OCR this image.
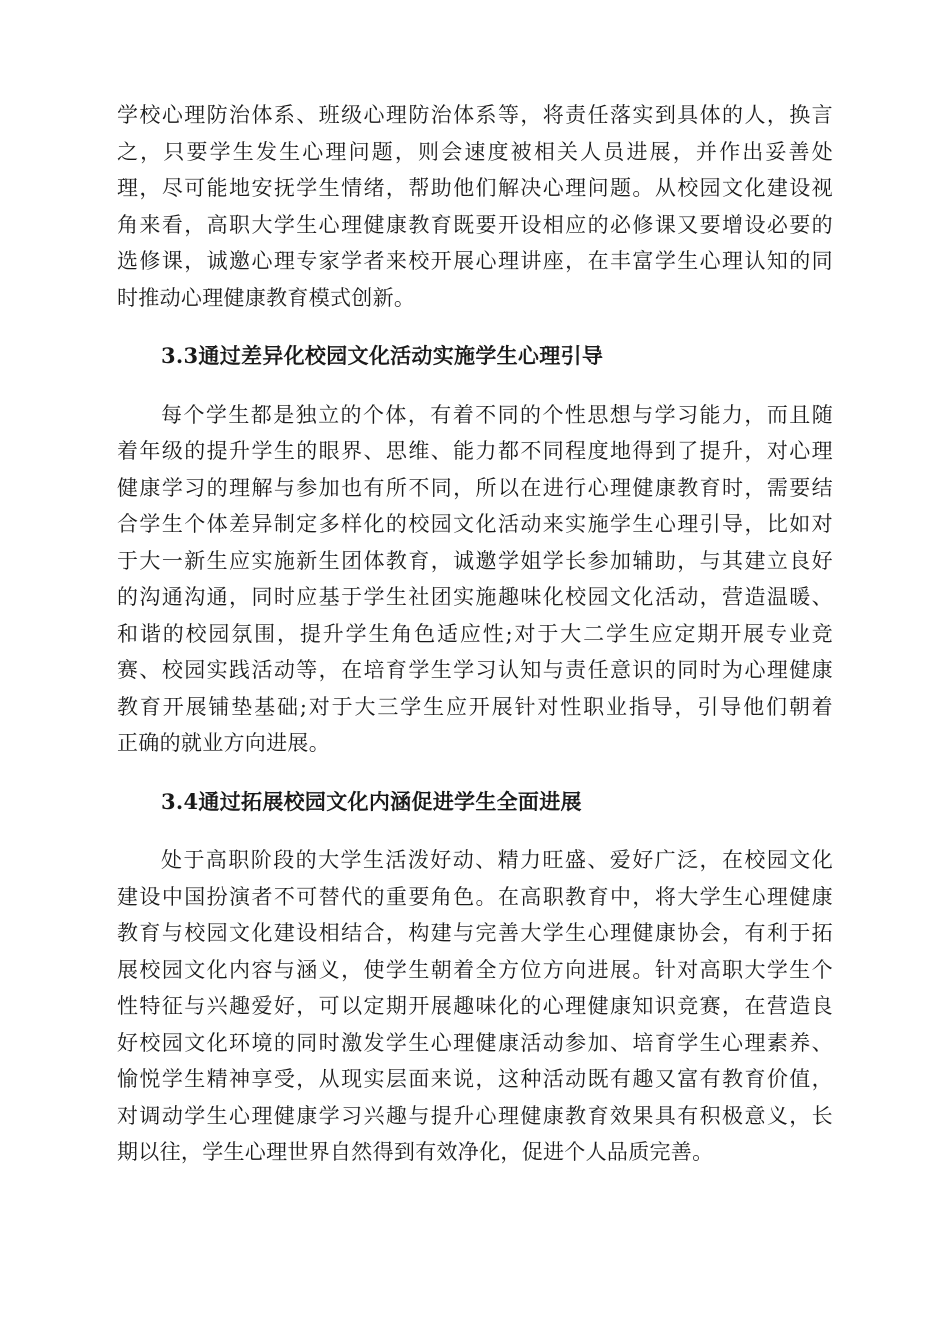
学校心理防治体系、班级心理防治体系等，将责任落实到具体的人，换言
之，只要学生发生心理问题，则会速度被相关人员进展，并作出妥善处
理，尽可能地安抚学生情绪，帮助他们解决心理问题。从校园文化建设视
角来看，高职大学生心理健康教育既要开设相应的必修课又要增设必要的
选修课，诚邀心理专家学者来校开展心理讲座，在丰富学生心理认知的同
时推动心理健康教育模式创新。

3.3通过差异化校园文化活动实施学生心理引导

每个学生都是独立的个体，有着不同的个性思想与学习能力，而且随
着年级的提升学生的眼界、思维、能力都不同程度地得到了提升，对心理
健康学习的理解与参加也有所不同，所以在进行心理健康教育时，需要结
合学生个体差异制定多样化的校园文化活动来实施学生心理引导，比如对
于大一新生应实施新生团体教育，诚邀学姐学长参加辅助，与其建立良好
的沟通沟通，同时应基于学生社团实施趣味化校园文化活动，营造温暖、
和谐的校园氛围，提升学生角色适应性;对于大二学生应定期开展专业竞
赛、校园实践活动等，在培育学生学习认知与责任意识的同时为心理健康
教育开展铺垫基础;对于大三学生应开展针对性职业指导，引导他们朝着
正确的就业方向进展。

3.4通过拓展校园文化内涵促进学生全面进展

处于高职阶段的大学生活泼好动、精力旺盛、爱好广泛，在校园文化
建设中国扮演者不可替代的重要角色。在高职教育中，将大学生心理健康
教育与校园文化建设相结合，构建与完善大学生心理健康协会，有利于拓
展校园文化内容与涵义，使学生朝着全方位方向进展。针对高职大学生个
性特征与兴趣爱好，可以定期开展趣味化的心理健康知识竞赛，在营造良
好校园文化环境的同时激发学生心理健康活动参加、培育学生心理素养、
愉悦学生精神享受，从现实层面来说，这种活动既有趣又富有教育价值，
对调动学生心理健康学习兴趣与提升心理健康教育效果具有积极意义，长
期以往，学生心理世界自然得到有效净化，促进个人品质完善。
